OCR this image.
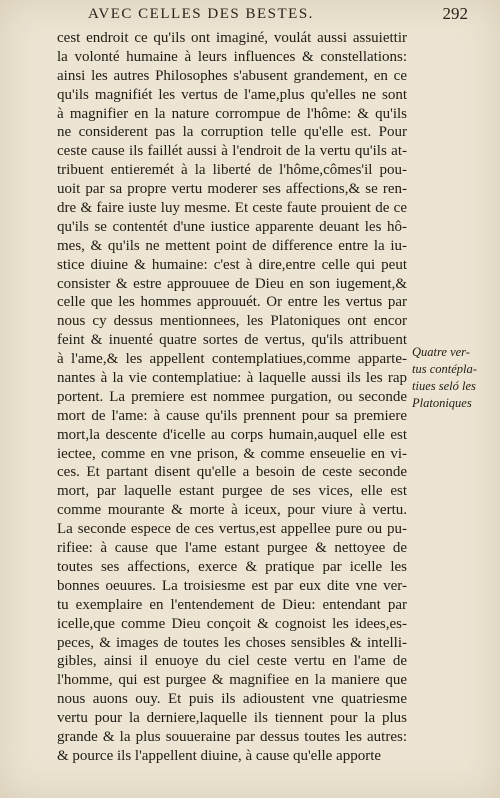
AVEC CELLES DES BESTES.	292
cest endroit ce qu'ils ont imaginé, voulát aussi assuiettir
la volonté humaine à leurs influences & constellations:
ainsi les autres Philosophes s'abusent grandement, en ce
qu'ils magnifiét les vertus de l'ame,plus qu'elles ne sont
à magnifier en la nature corrompue de l'hôme: & qu'ils
ne considerent pas la corruption telle qu'elle est. Pour
ceste cause ils faillét aussi à l'endroit de la vertu qu'ils at-
tribuent entieremét à la liberté de l'hôme,cômes'il pou-
uoit par sa propre vertu moderer ses affections,& se ren-
dre & faire iuste luy mesme. Et ceste faute prouient de ce
qu'ils se contentét d'une iustice apparente deuant les hô-
mes, & qu'ils ne mettent point de difference entre la iu-
stice diuine & humaine: c'est à dire,entre celle qui peut
consister & estre approuuee de Dieu en son iugement,&
celle que les hommes approuuét. Or entre les vertus par
nous cy dessus mentionnees, les Platoniques ont encor
feint & inuenté quatre sortes de vertus, qu'ils attribuent
à l'ame,& les appellent contemplatiues,comme apparte-
nantes à la vie contemplatiue: à laquelle aussi ils les rap
portent. La premiere est nommee purgation, ou seconde
mort de l'ame: à cause qu'ils prennent pour sa premiere
mort,la descente d'icelle au corps humain,auquel elle est
iectee, comme en vne prison, & comme enseuelie en vi-
ces. Et partant disent qu'elle a besoin de ceste seconde
mort, par laquelle estant purgee de ses vices, elle est
comme mourante & morte à iceux, pour viure à vertu.
La seconde espece de ces vertus,est appellee pure ou pu-
rifiee: à cause que l'ame estant purgee & nettoyee de
toutes ses affections, exerce & pratique par icelle les
bonnes oeuures. La troisiesme est par eux dite vne ver-
tu exemplaire en l'entendement de Dieu: entendant par
icelle,que comme Dieu conçoit & cognoist les idees,es-
peces, & images de toutes les choses sensibles & intelli-
gibles, ainsi il enuoye du ciel ceste vertu en l'ame de
l'homme, qui est purgee & magnifiee en la maniere que
nous auons ouy. Et puis ils adioustent vne quatriesme
vertu pour la derniere,laquelle ils tiennent pour la plus
grande & la plus souueraine par dessus toutes les autres:
& pource ils l'appellent diuine, à cause qu'elle apporte
Quatre ver-
tus contépla-
tiues seló les
Platoniques
